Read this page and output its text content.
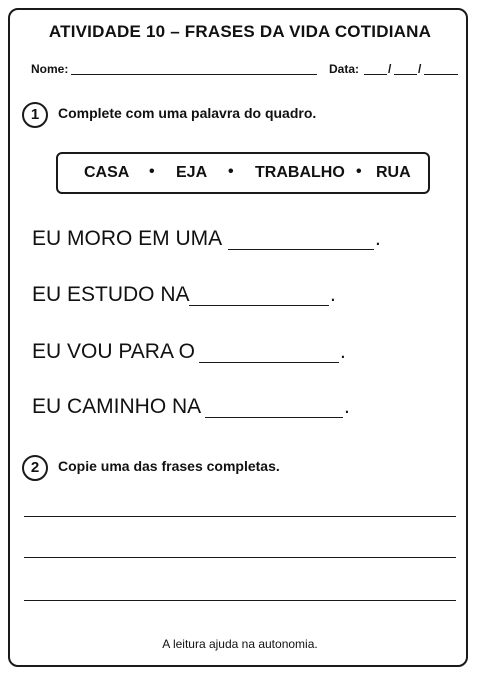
ATIVIDADE 10 – FRASES DA VIDA COTIDIANA
Nome:	Data: / /
1	Complete com uma palavra do quadro.
CASA • EJA • TRABALHO • RUA
EU MORO EM UMA	.
EU ESTUDO NA	.
EU VOU PARA O	.
EU CAMINHO NA	.
2	Copie uma das frases completas.
A leitura ajuda na autonomia.
